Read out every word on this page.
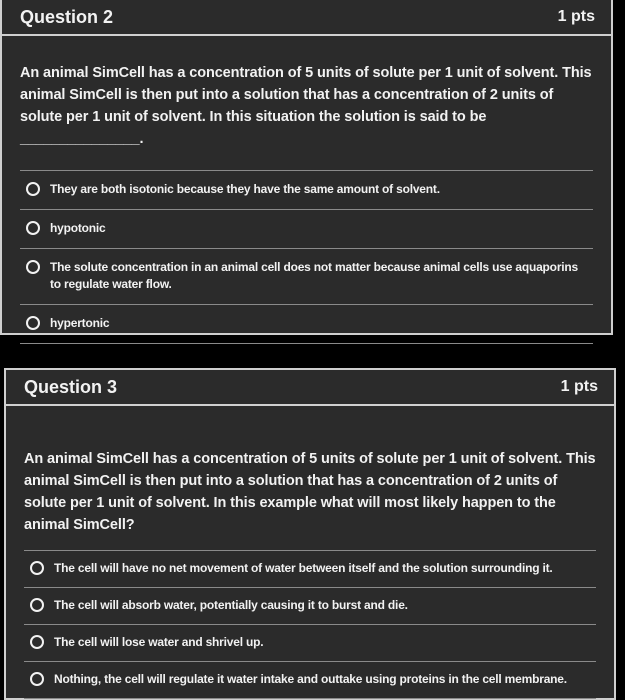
Question 2	1 pts

An animal SimCell has a concentration of 5 units of solute per 1 unit of solvent. This animal SimCell is then put into a solution that has a concentration of 2 units of solute per 1 unit of solvent. In this situation the solution is said to be _______________.

They are both isotonic because they have the same amount of solvent.
hypotonic
The solute concentration in an animal cell does not matter because animal cells use aquaporins to regulate water flow.
hypertonic
Question 3	1 pts

An animal SimCell has a concentration of 5 units of solute per 1 unit of solvent. This animal SimCell is then put into a solution that has a concentration of 2 units of solute per 1 unit of solvent. In this example what will most likely happen to the animal SimCell?

The cell will have no net movement of water between itself and the solution surrounding it.
The cell will absorb water, potentially causing it to burst and die.
The cell will lose water and shrivel up.
Nothing, the cell will regulate it water intake and outtake using proteins in the cell membrane.
